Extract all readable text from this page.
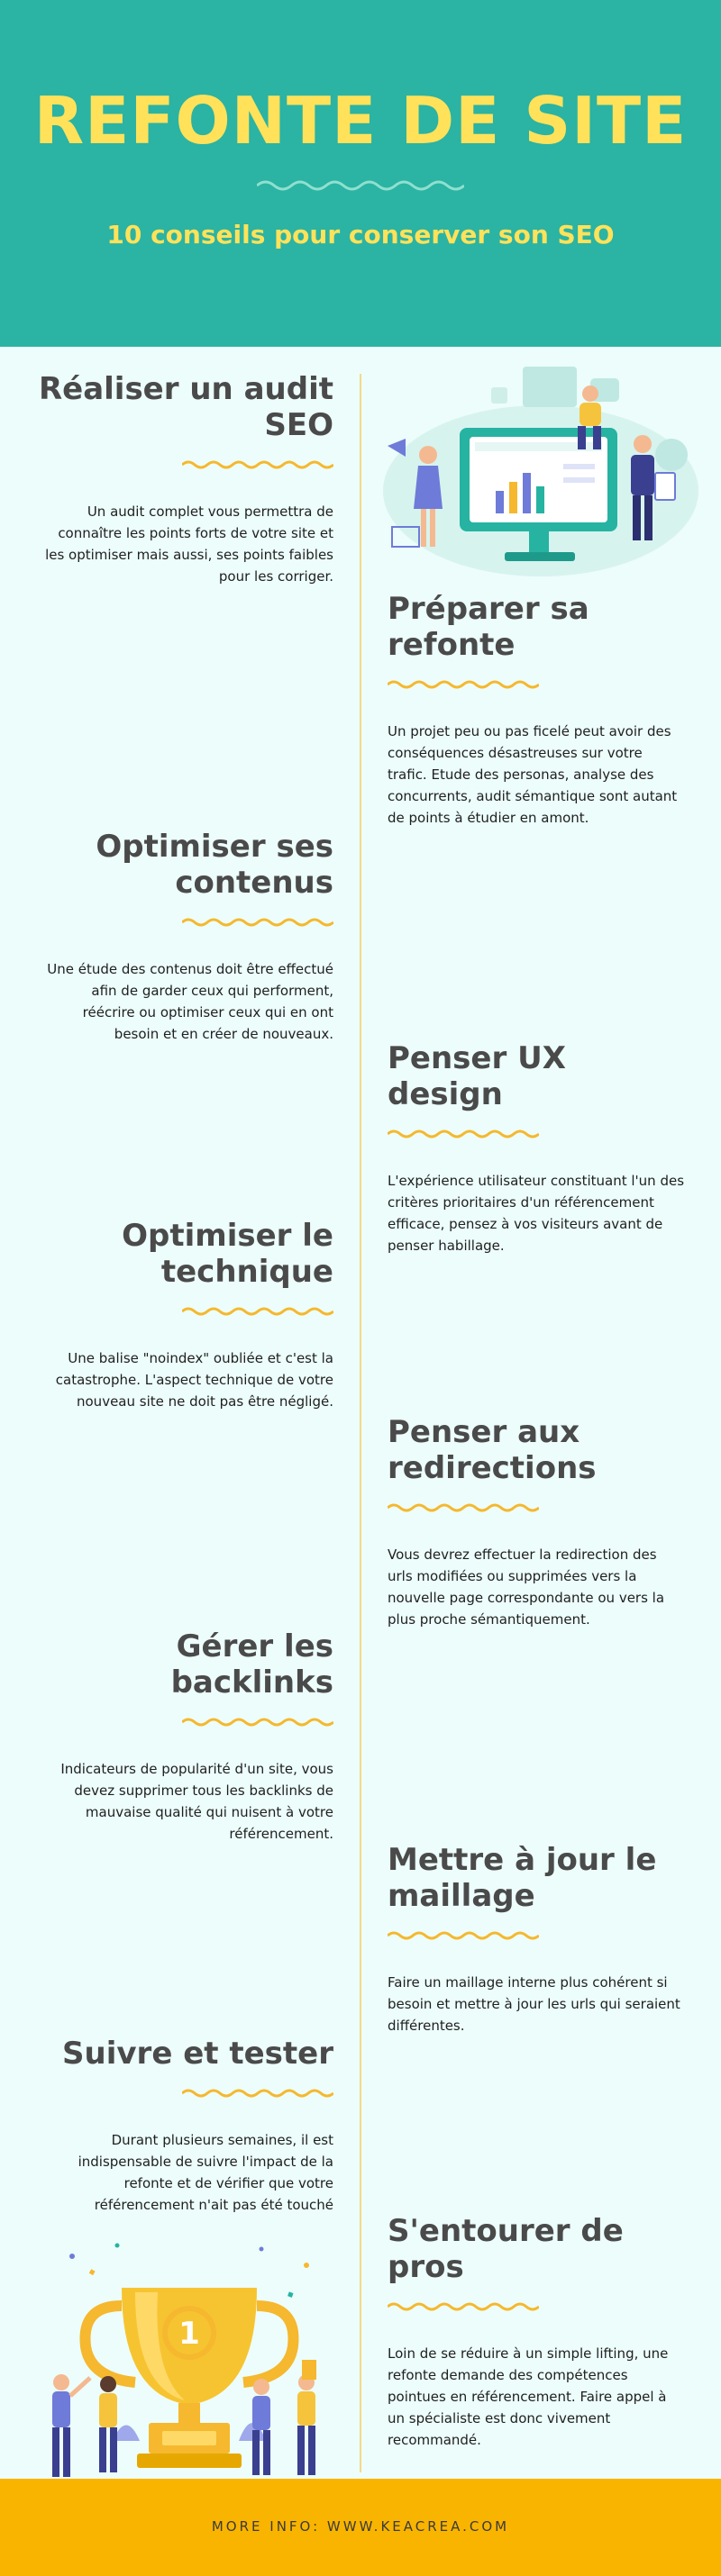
REFONTE DE SITE
10 conseils pour conserver son SEO
Réaliser un audit SEO

Un audit complet vous permettra de connaître les points forts de votre site et les optimiser mais aussi, ses points faibles pour les corriger.

Préparer sa refonte

Un projet peu ou pas ficelé peut avoir des conséquences désastreuses sur votre trafic. Etude des personas, analyse des concurrents, audit sémantique sont autant de points à étudier en amont.

Optimiser ses contenus

Une étude des contenus doit être effectué afin de garder ceux qui performent, réécrire ou optimiser ceux qui en ont besoin et en créer de nouveaux.

Penser UX design

L'expérience utilisateur constituant l'un des critères prioritaires d'un référencement efficace, pensez à vos visiteurs avant de penser habillage.

Optimiser le technique

Une balise "noindex" oubliée et c'est la catastrophe. L'aspect technique de votre nouveau site ne doit pas être négligé.

Penser aux redirections

Vous devrez effectuer la redirection des urls modifiées ou supprimées vers la nouvelle page correspondante ou vers la plus proche sémantiquement.

Gérer les backlinks

Indicateurs de popularité d'un site, vous devez supprimer tous les backlinks de mauvaise qualité qui nuisent à votre référencement.

Mettre à jour le maillage

Faire un maillage interne plus cohérent si besoin et mettre à jour les urls qui seraient différentes.

Suivre et tester

Durant plusieurs semaines, il est indispensable de suivre l'impact de la refonte et de vérifier que votre référencement n'ait pas été touché

S'entourer de pros

Loin de se réduire à un simple lifting, une refonte demande des compétences pointues en référencement. Faire appel à un spécialiste est donc vivement recommandé.

1
MORE INFO: WWW.KEACREA.COM
